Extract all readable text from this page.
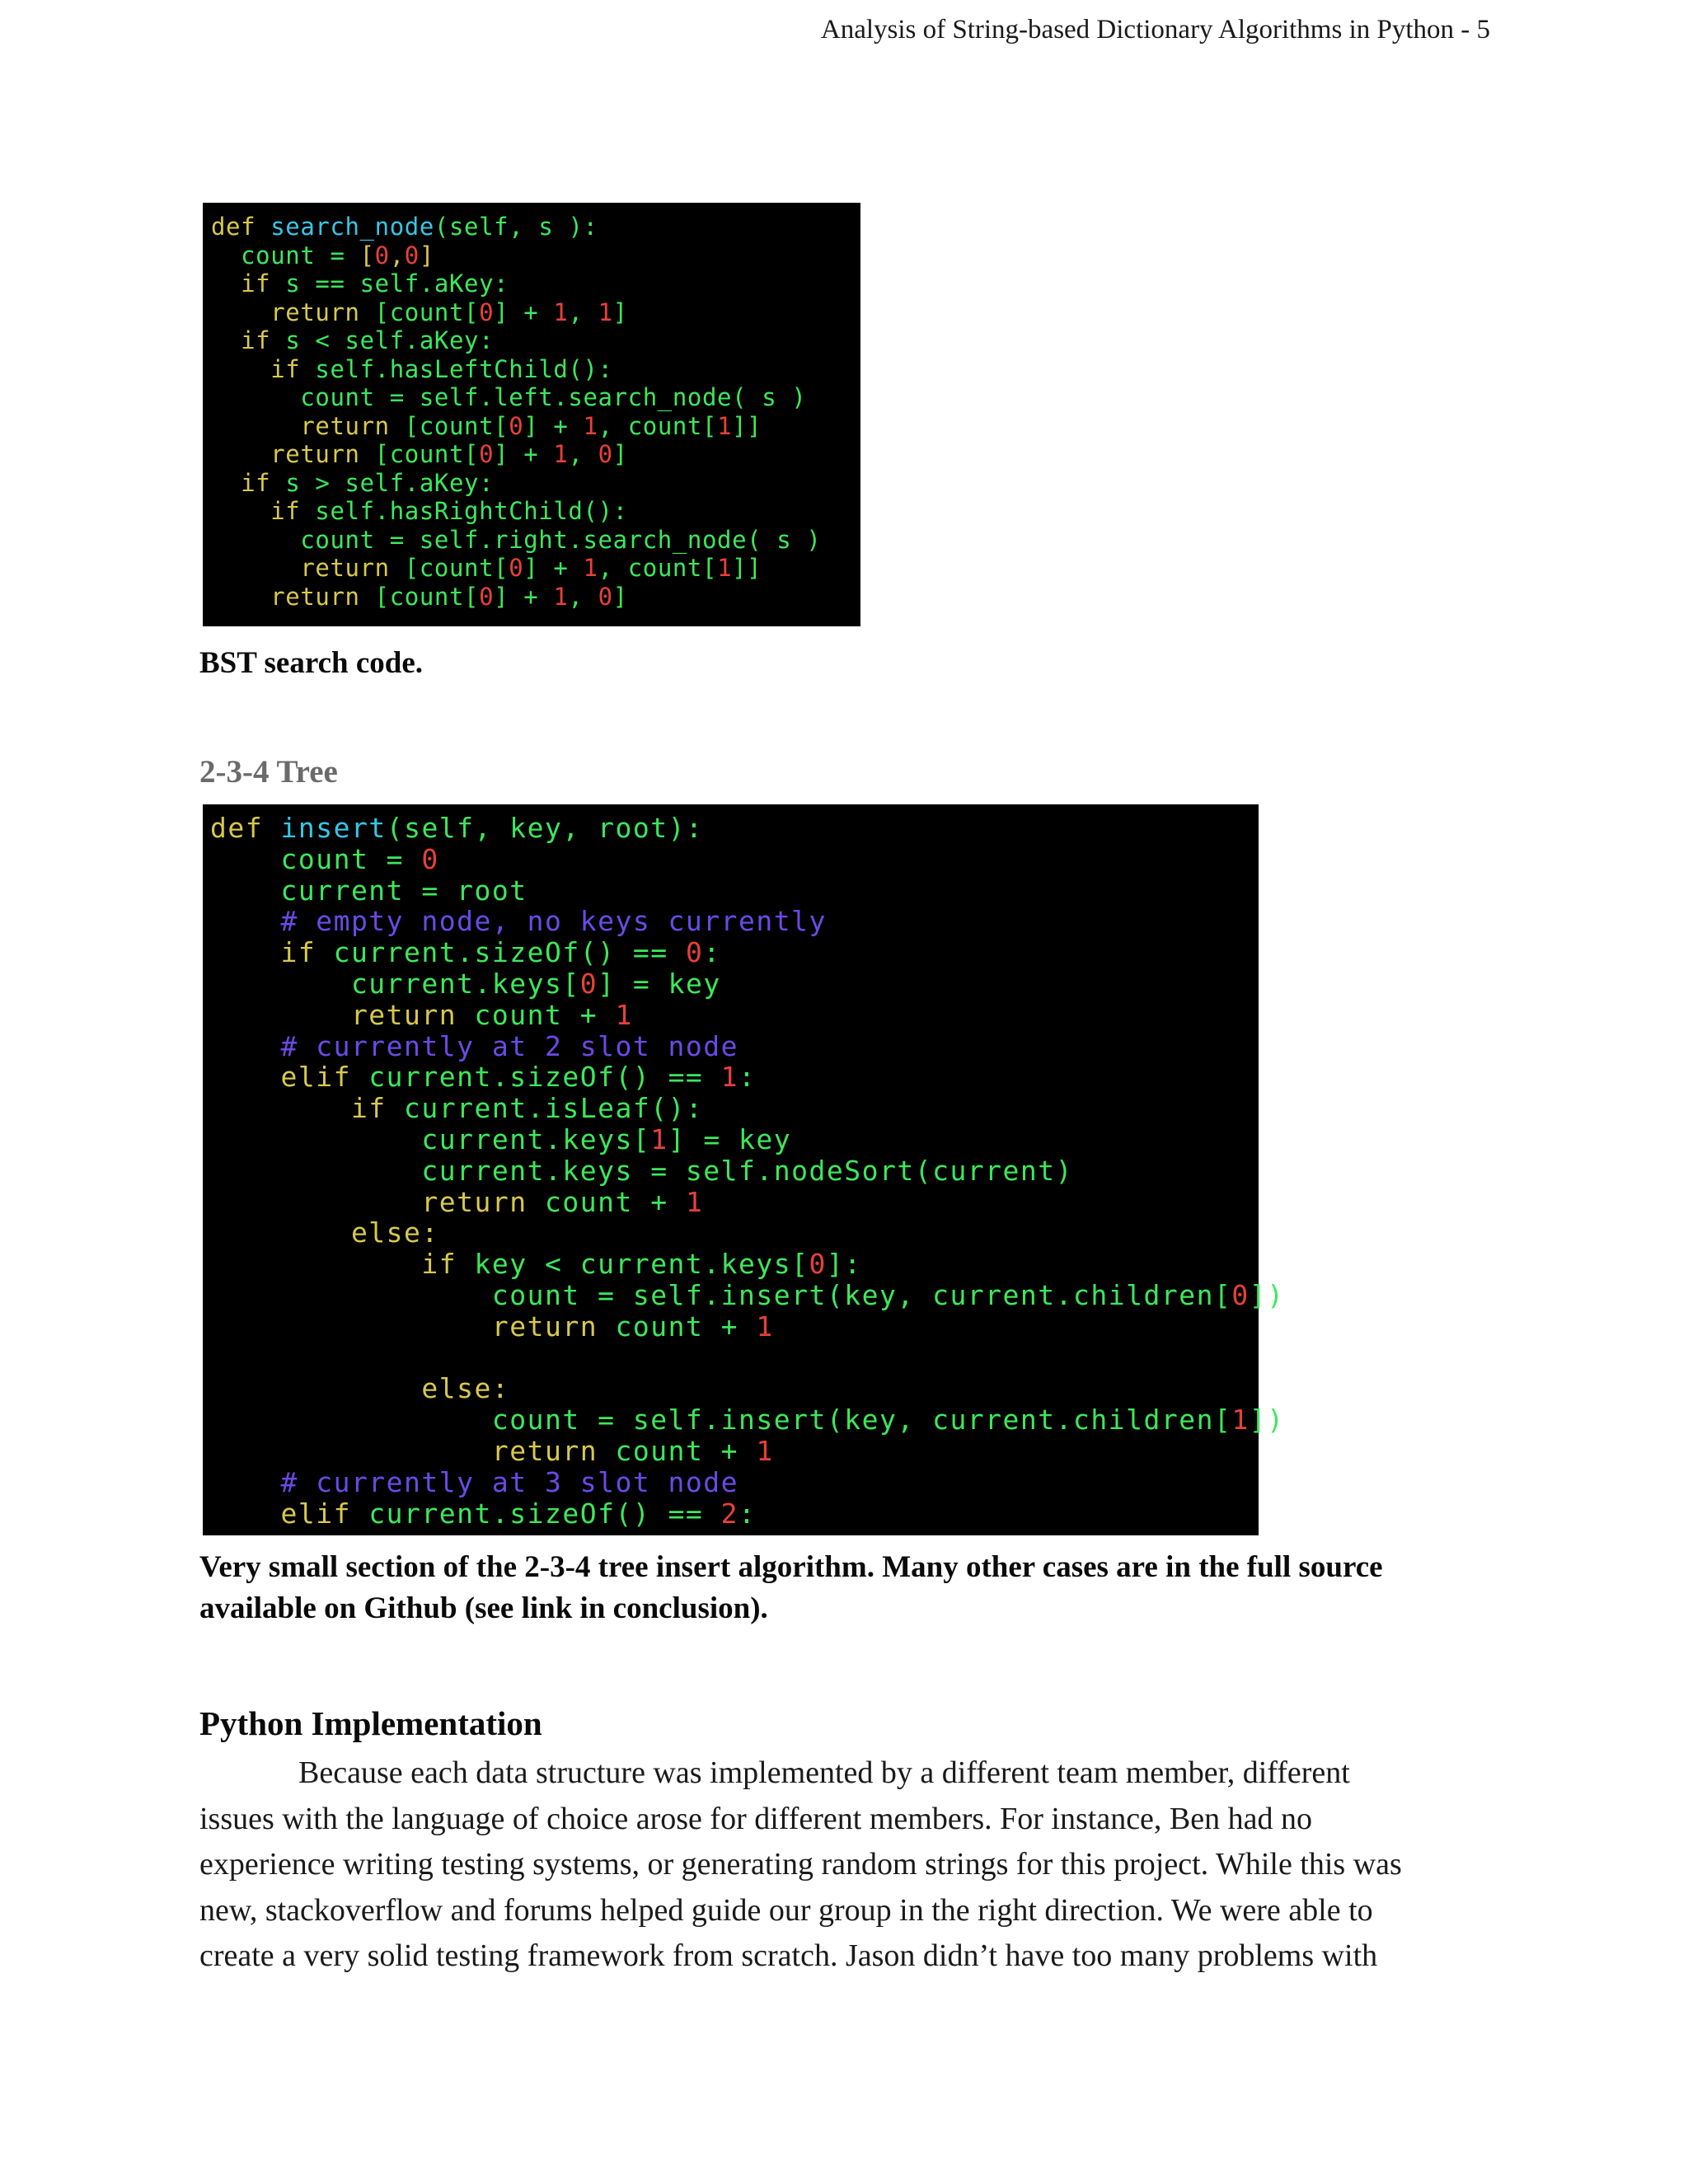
Analysis of String-based Dictionary Algorithms in Python - 5
def search_node(self, s ):
count = [0,0]
if s == self.aKey:
return [count[0] + 1, 1]
if s < self.aKey:
if self.hasLeftChild():
count = self.left.search_node( s )
return [count[0] + 1, count[1]]
return [count[0] + 1, 0]
if s > self.aKey:
if self.hasRightChild():
count = self.right.search_node( s )
return [count[0] + 1, count[1]]
return [count[0] + 1, 0]
BST search code.
2-3-4 Tree
def insert(self, key, root):
count = 0
current = root
# empty node, no keys currently
if current.sizeOf() == 0:
current.keys[0] = key
return count + 1
# currently at 2 slot node
elif current.sizeOf() == 1:
if current.isLeaf():
current.keys[1] = key
current.keys = self.nodeSort(current)
return count + 1
else:
if key < current.keys[0]:
count = self.insert(key, current.children[0])
return count + 1
else:
count = self.insert(key, current.children[1])
return count + 1
# currently at 3 slot node
elif current.sizeOf() == 2:
Very small section of the 2-3-4 tree insert algorithm. Many other cases are in the full source available on Github (see link in conclusion).
Python Implementation
Because each data structure was implemented by a different team member, different
issues with the language of choice arose for different members. For instance, Ben had no
experience writing testing systems, or generating random strings for this project. While this was
new, stackoverflow and forums helped guide our group in the right direction. We were able to
create a very solid testing framework from scratch. Jason didn’t have too many problems with
